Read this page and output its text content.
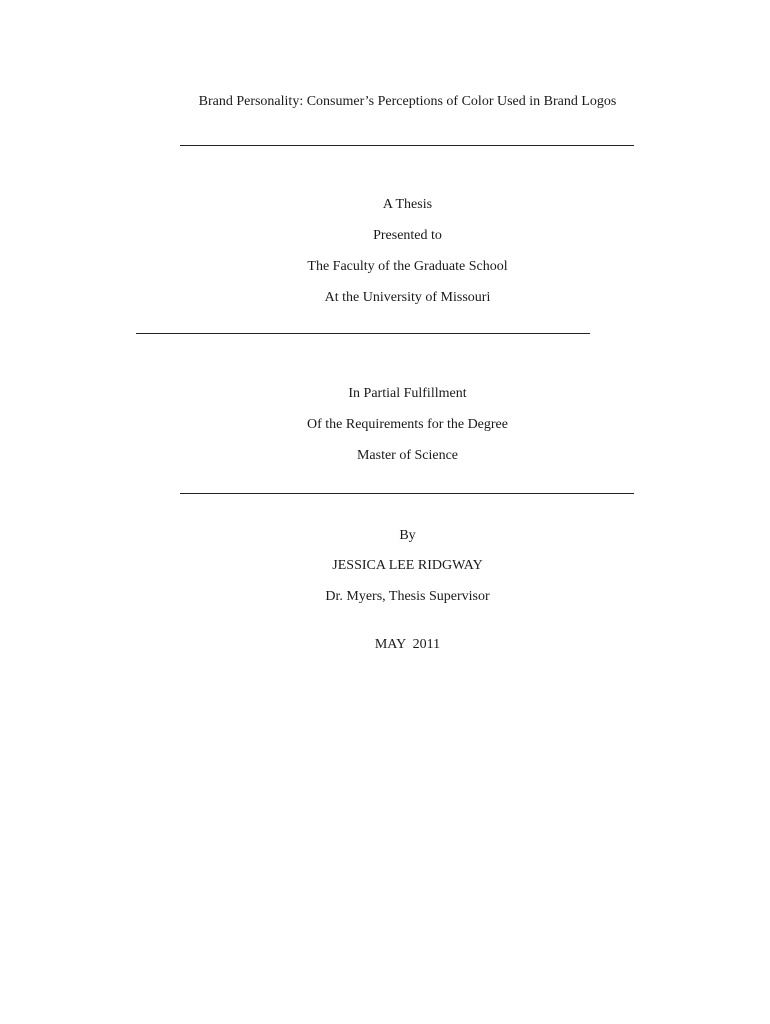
Brand Personality: Consumer’s Perceptions of Color Used in Brand Logos
A Thesis
Presented to
The Faculty of the Graduate School
At the University of Missouri
In Partial Fulfillment
Of the Requirements for the Degree
Master of Science
By
JESSICA LEE RIDGWAY
Dr. Myers, Thesis Supervisor
MAY  2011
